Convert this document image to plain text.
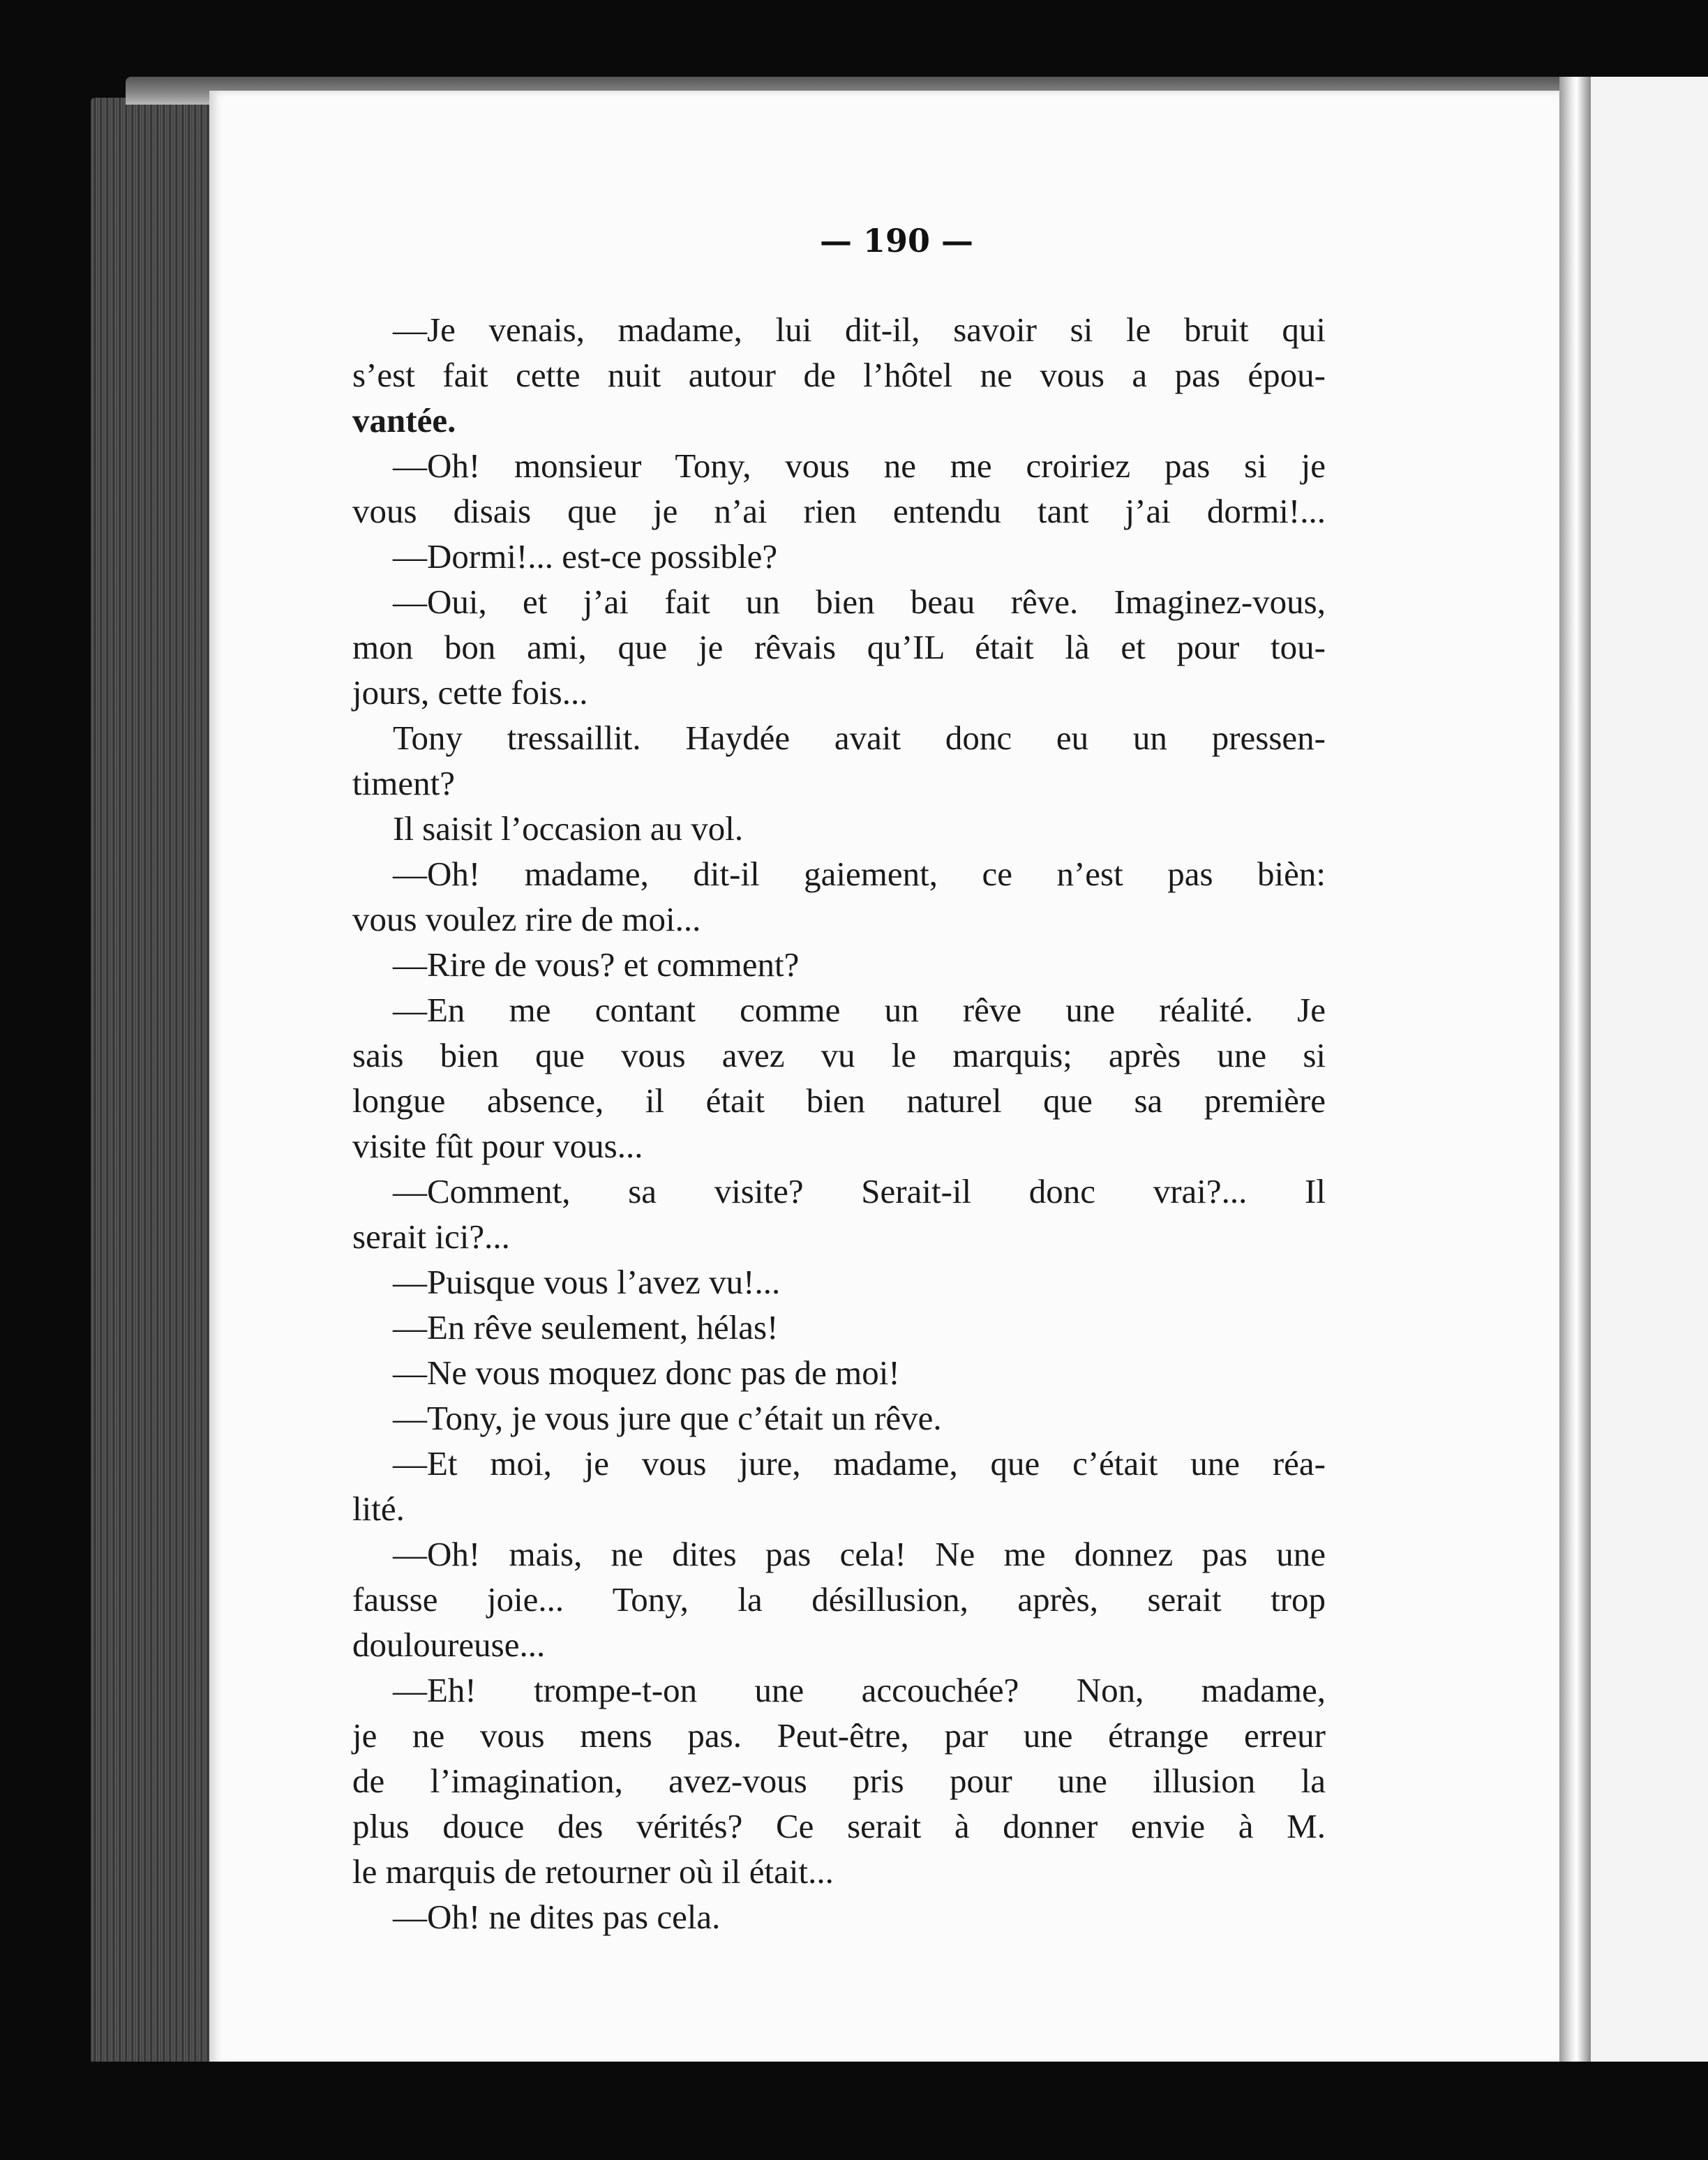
— 190 —
—Je venais, madame, lui dit-il, savoir si le bruit qui
s’est fait cette nuit autour de l’hôtel ne vous a pas épou-
vantée.
—Oh! monsieur Tony, vous ne me croiriez pas si je
vous disais que je n’ai rien entendu tant j’ai dormi!...
—Dormi!... est-ce possible?
—Oui, et j’ai fait un bien beau rêve. Imaginez-vous,
mon bon ami, que je rêvais qu’IL était là et pour tou-
jours, cette fois...
Tony tressaillit. Haydée avait donc eu un pressen-
timent?
Il saisit l’occasion au vol.
—Oh! madame, dit-il gaiement, ce n’est pas bièn:
vous voulez rire de moi...
—Rire de vous? et comment?
—En me contant comme un rêve une réalité. Je
sais bien que vous avez vu le marquis; après une si
longue absence, il était bien naturel que sa première
visite fût pour vous...
—Comment, sa visite? Serait-il donc vrai?... Il
serait ici?...
—Puisque vous l’avez vu!...
—En rêve seulement, hélas!
—Ne vous moquez donc pas de moi!
—Tony, je vous jure que c’était un rêve.
—Et moi, je vous jure, madame, que c’était une réa-
lité.
—Oh! mais, ne dites pas cela! Ne me donnez pas une
fausse joie... Tony, la désillusion, après, serait trop
douloureuse...
—Eh! trompe-t-on une accouchée? Non, madame,
je ne vous mens pas. Peut-être, par une étrange erreur
de l’imagination, avez-vous pris pour une illusion la
plus douce des vérités? Ce serait à donner envie à M.
le marquis de retourner où il était...
—Oh! ne dites pas cela.
